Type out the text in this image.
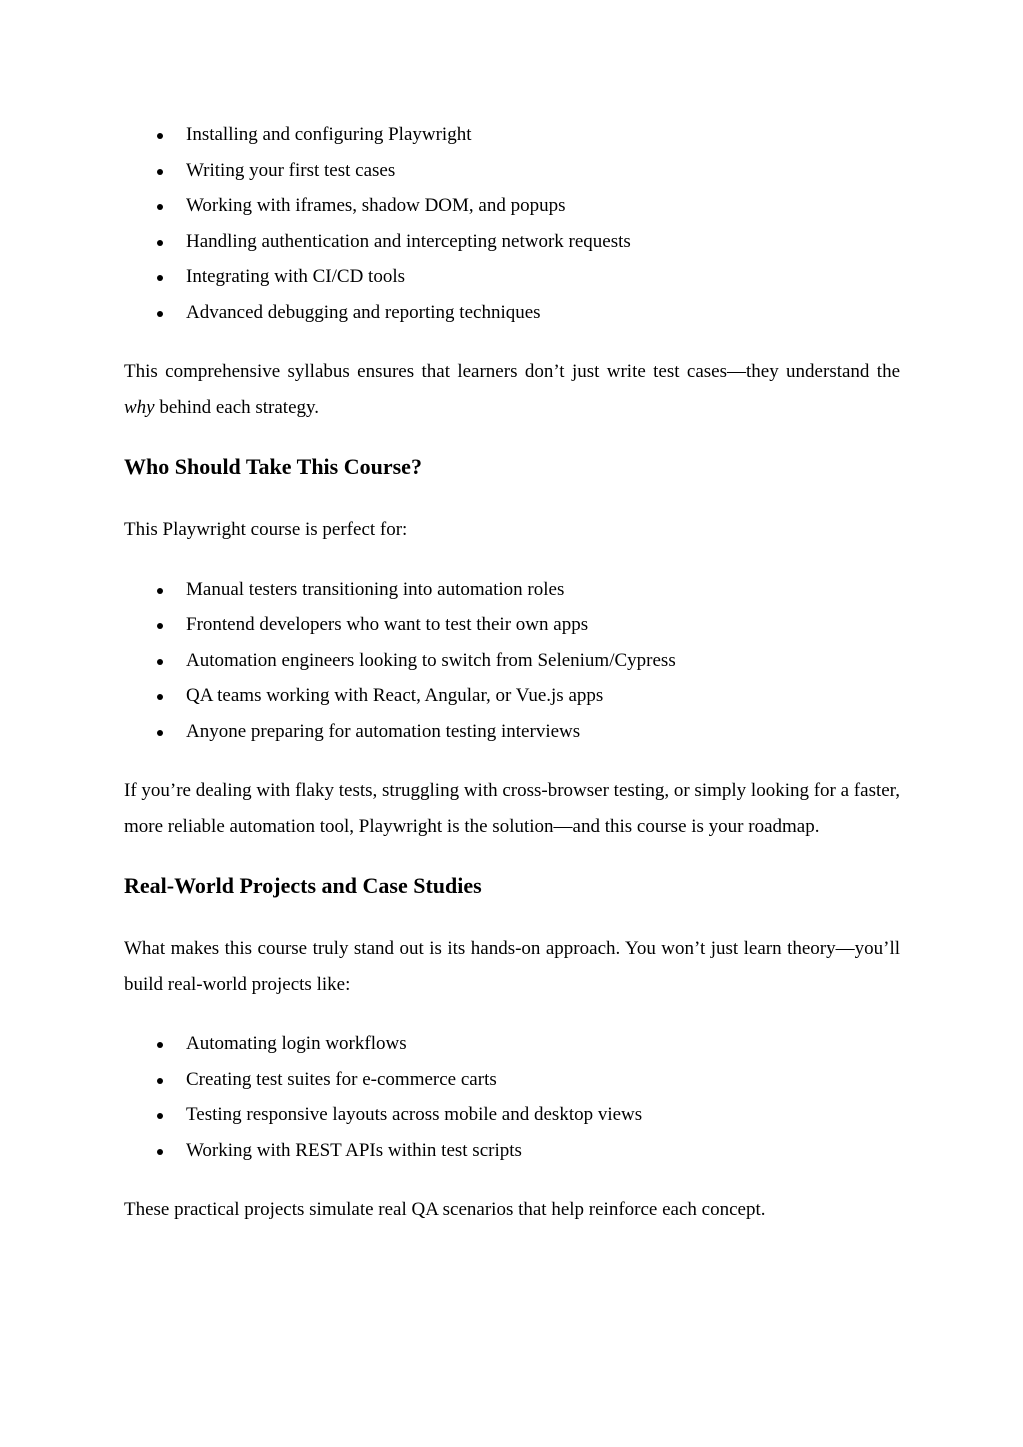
Installing and configuring Playwright
Writing your first test cases
Working with iframes, shadow DOM, and popups
Handling authentication and intercepting network requests
Integrating with CI/CD tools
Advanced debugging and reporting techniques

This comprehensive syllabus ensures that learners don’t just write test cases—they understand the why behind each strategy.

Who Should Take This Course?

This Playwright course is perfect for:

Manual testers transitioning into automation roles
Frontend developers who want to test their own apps
Automation engineers looking to switch from Selenium/Cypress
QA teams working with React, Angular, or Vue.js apps
Anyone preparing for automation testing interviews

If you’re dealing with flaky tests, struggling with cross-browser testing, or simply looking for a faster, more reliable automation tool, Playwright is the solution—and this course is your roadmap.

Real-World Projects and Case Studies

What makes this course truly stand out is its hands-on approach. You won’t just learn theory—you’ll build real-world projects like:

Automating login workflows
Creating test suites for e-commerce carts
Testing responsive layouts across mobile and desktop views
Working with REST APIs within test scripts

These practical projects simulate real QA scenarios that help reinforce each concept.
